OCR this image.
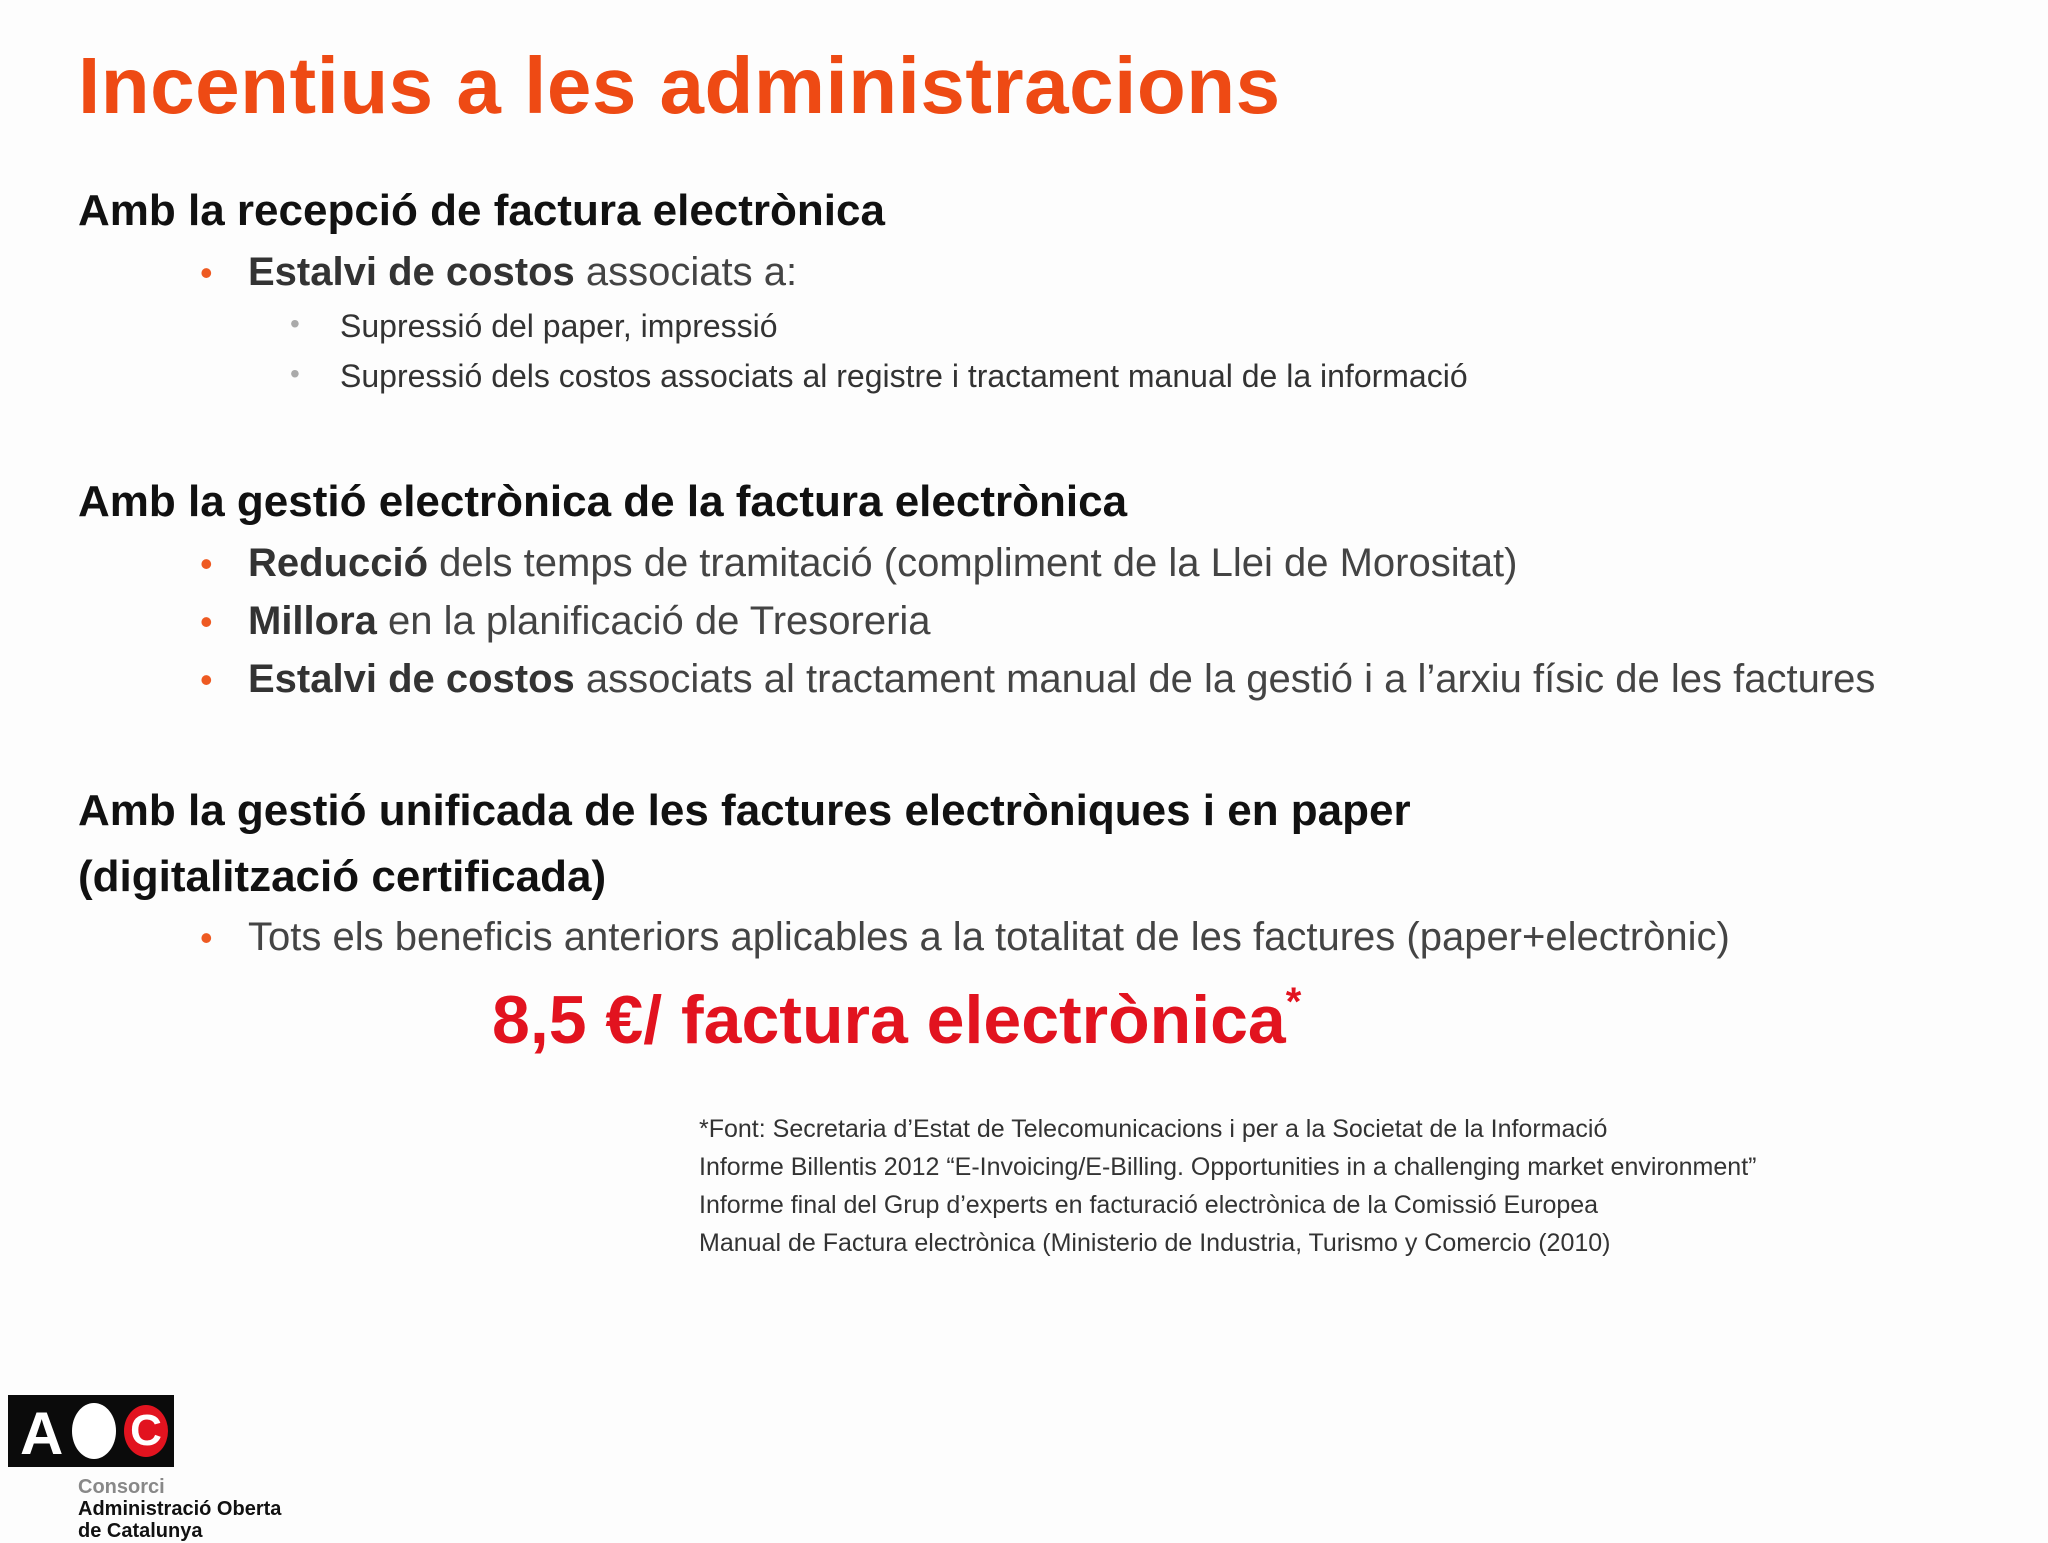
Incentius a les administracions
Amb la recepció de factura electrònica
• Estalvi de costos associats a:
• Supressió del paper, impressió
• Supressió dels costos associats al registre i tractament manual de la informació
Amb la gestió electrònica de la factura electrònica
• Reducció dels temps de tramitació (compliment de la Llei de Morositat)
• Millora en la planificació de Tresoreria
• Estalvi de costos associats al tractament manual de la gestió i a l’arxiu físic de les factures
Amb la gestió unificada de les factures electròniques i en paper
(digitalització certificada)
• Tots els beneficis anteriors aplicables a la totalitat de les factures (paper+electrònic)
8,5 €/ factura electrònica*
*Font: Secretaria d’Estat de Telecomunicacions i per a la Societat de la Informació
Informe Billentis 2012 “E-Invoicing/E-Billing. Opportunities in a challenging market environment”
Informe final del Grup d’experts en facturació electrònica de la Comissió Europea
Manual de Factura electrònica (Ministerio de Industria, Turismo y Comercio (2010)
A C
Consorci
Administració Oberta
de Catalunya
